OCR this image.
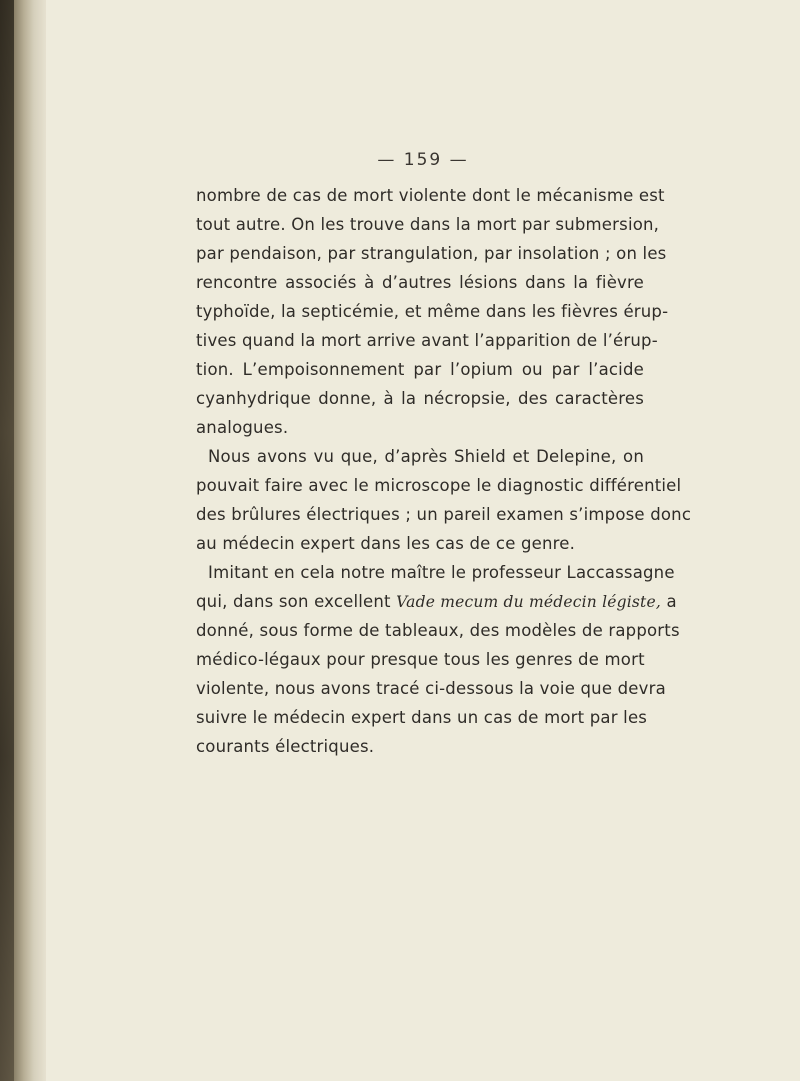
— 159 —
nombre de cas de mort violente dont le mécanisme est
tout autre. On les trouve dans la mort par submersion,
par pendaison, par strangulation, par insolation ; on les
rencontre associés à d’autres lésions dans la fièvre
typhoïde, la septicémie, et même dans les fièvres érup-
tives quand la mort arrive avant l’apparition de l’érup-
tion. L’empoisonnement par l’opium ou par l’acide
cyanhydrique donne, à la nécropsie, des caractères
analogues.
Nous avons vu que, d’après Shield et Delepine, on
pouvait faire avec le microscope le diagnostic différentiel
des brûlures électriques ; un pareil examen s’impose donc
au médecin expert dans les cas de ce genre.
Imitant en cela notre maître le professeur Laccassagne
qui, dans son excellent Vade mecum du médecin légiste, a
donné, sous forme de tableaux, des modèles de rapports
médico-légaux pour presque tous les genres de mort
violente, nous avons tracé ci-dessous la voie que devra
suivre le médecin expert dans un cas de mort par les
courants électriques.
